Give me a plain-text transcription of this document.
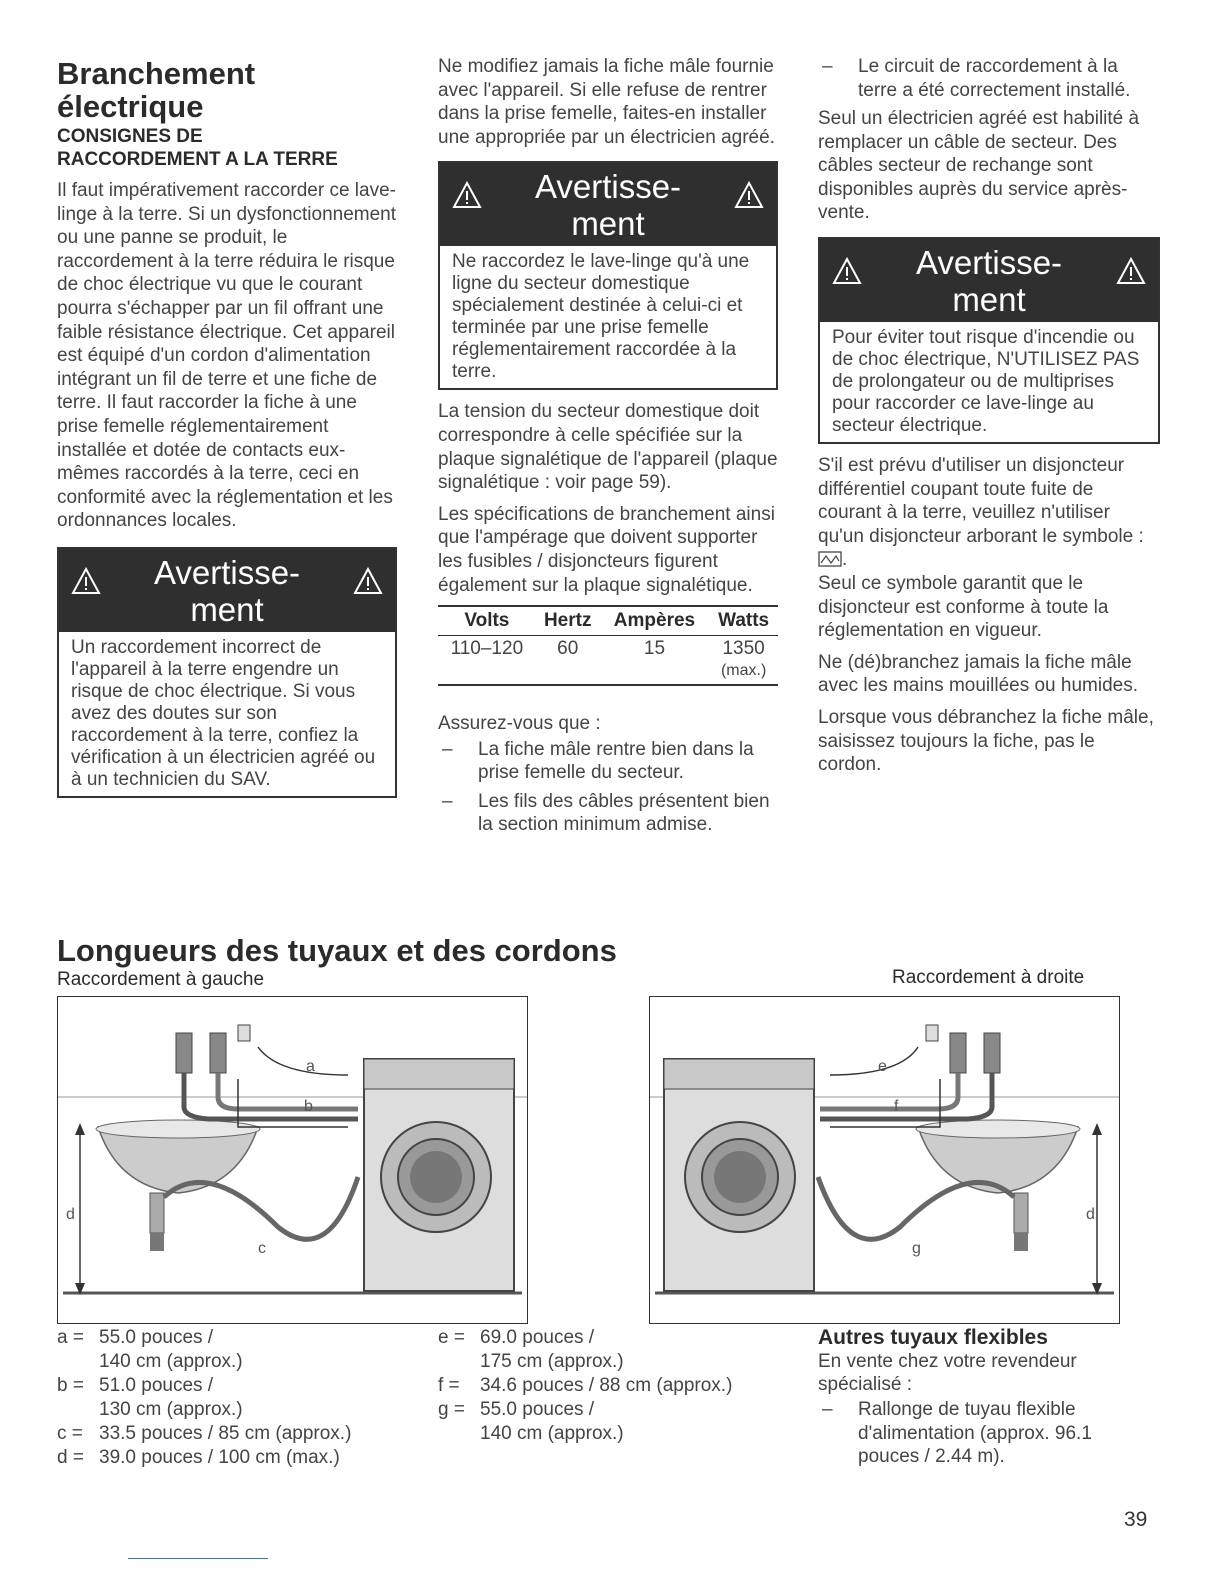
Branchement
électrique
CONSIGNES DE
RACCORDEMENT A LA TERRE

Il faut impérativement raccorder ce lave-linge à la terre. Si un dysfonctionnement ou une panne se produit, le raccordement à la terre réduira le risque de choc électrique vu que le courant pourra s'échapper par un fil offrant une faible résistance électrique. Cet appareil est équipé d'un cordon d'alimentation intégrant un fil de terre et une fiche de terre. Il faut raccorder la fiche à une prise femelle réglementairement installée et dotée de contacts eux-mêmes raccordés à la terre, ceci en conformité avec la réglementation et les ordonnances locales.

Avertisse-
ment
Un raccordement incorrect de l'appareil à la terre engendre un risque de choc électrique. Si vous avez des doutes sur son raccordement à la terre, confiez la vérification à un électricien agréé ou à un technicien du SAV.

Ne modifiez jamais la fiche mâle fournie avec l'appareil. Si elle refuse de rentrer dans la prise femelle, faites-en installer une appropriée par un électricien agréé.

Avertisse-
ment
Ne raccordez le lave-linge qu'à une ligne du secteur domestique spécialement destinée à celui-ci et terminée par une prise femelle réglementairement raccordée à la terre.

La tension du secteur domestique doit correspondre à celle spécifiée sur la plaque signalétique de l'appareil (plaque signalétique : voir page 59).

Les spécifications de branchement ainsi que l'ampérage que doivent supporter les fusibles / disjoncteurs figurent également sur la plaque signalétique.

Volts	Hertz	Ampères	Watts
110–120	60	15	1350
			(max.)

Assurez-vous que :

– La fiche mâle rentre bien dans la prise femelle du secteur.
– Les fils des câbles présentent bien la section minimum admise.
– Le circuit de raccordement à la terre a été correctement installé.

Seul un électricien agréé est habilité à remplacer un câble de secteur. Des câbles secteur de rechange sont disponibles auprès du service après-vente.

Avertisse-
ment
Pour éviter tout risque d'incendie ou de choc électrique, N'UTILISEZ PAS de prolongateur ou de multiprises pour raccorder ce lave-linge au secteur électrique.

S'il est prévu d'utiliser un disjoncteur différentiel coupant toute fuite de courant à la terre, veuillez n'utiliser qu'un disjoncteur arborant le symbole : .

Seul ce symbole garantit que le disjoncteur est conforme à toute la réglementation en vigueur.

Ne (dé)branchez jamais la fiche mâle avec les mains mouillées ou humides.

Lorsque vous débranchez la fiche mâle, saisissez toujours la fiche, pas le cordon.

Longueurs des tuyaux et des cordons
Raccordement à gauche	Raccordement à droite
d
a
b
c
d
e
f
g
a = 55.0 pouces /
140 cm (approx.)
b = 51.0 pouces /
130 cm (approx.)
c = 33.5 pouces / 85 cm (approx.)
d = 39.0 pouces / 100 cm (max.)
e = 69.0 pouces /
175 cm (approx.)
f = 34.6 pouces / 88 cm (approx.)
g = 55.0 pouces /
140 cm (approx.)
Autres tuyaux flexibles
En vente chez votre revendeur spécialisé :
– Rallonge de tuyau flexible d'alimentation (approx. 96.1 pouces / 2.44 m).
39
